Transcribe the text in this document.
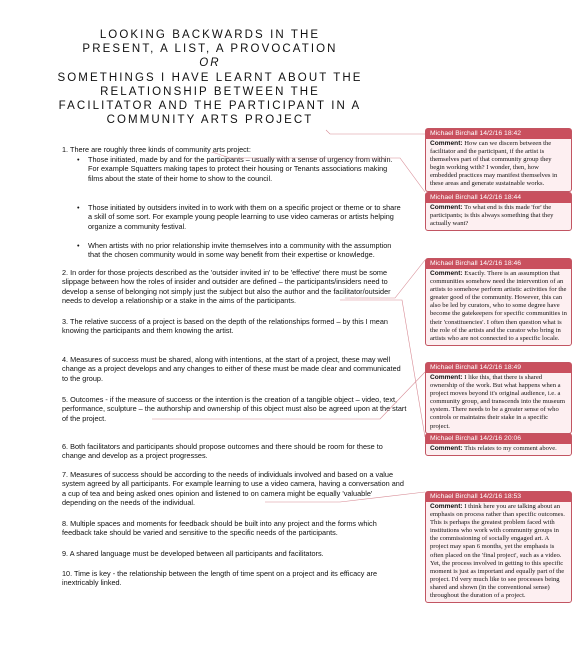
LOOKING BACKWARDS IN THE
PRESENT, A LIST, A PROVOCATION
OR
SOMETHINGS I HAVE LEARNT ABOUT THE
RELATIONSHIP BETWEEN THE
FACILITATOR AND THE PARTICIPANT IN A
COMMUNITY ARTS PROJECT

1. There are roughly three kinds of community arts project:

• Those initiated, made by and for the participants – usually with a sense of urgency from within. For example Squatters making tapes to protect their housing or Tenants associations making films about the state of their home to show to the council.
• Those initiated by outsiders invited in to work with them on a specific project or theme or to share a skill of some sort. For example young people learning to use video cameras or artists helping organize a community festival.
• When artists with no prior relationship invite themselves into a community with the assumption that the chosen community would in some way benefit from their expertise or knowledge.

2. In order for those projects described as the 'outsider invited in' to be 'effective' there must be some slippage between how the roles of insider and outsider are defined – the participants/insiders need to develop a sense of belonging not simply just the subject but also the author and the facilitator/outsider needs to develop a relationship or a stake in the aims of the participants.

3. The relative success of a project is based on the depth of the relationships formed – by this I mean knowing the participants and them knowing the artist.

4. Measures of success must be shared, along with intentions, at the start of a project, these may well change as a project develops and any changes to either of these must be made clear and communicated to the group.

5. Outcomes - if the measure of success or the intention is the creation of a tangible object – video, text, performance, sculpture – the authorship and ownership of this object must also be agreed upon at the start of the project.

6. Both facilitators and participants should propose outcomes and there should be room for these to change and develop as a project progresses.

7. Measures of success should be according to the needs of individuals involved and based on a value system agreed by all participants. For example learning to use a video camera, having a conversation and a cup of tea and being asked ones opinion and listened to on camera might be equally 'valuable' depending on the needs of the individual.

8. Multiple spaces and moments for feedback should be built into any project and the forms which feedback take should be varied and sensitive to the specific needs of the participants.

9. A shared language must be developed between all participants and facilitators.

10. Time is key - the relationship between the length of time spent on a project and its efficacy are inextricably linked.

Michael Birchall 14/2/16 18:42
Comment: How can we discern between the facilitator and the participant, if the artist is themselves part of that community group they begin working with? I wonder, then, how embedded practices may manifest themselves in these areas and generate sustainable works.
Michael Birchall 14/2/16 18:44
Comment: To what end is this made 'for' the participants; is this always something that they actually want?
Michael Birchall 14/2/16 18:46
Comment: Exactly. There is an assumption that communities somehow need the intervention of an artists to somehow perform artistic activities for the greater good of the community. However, this can also be led by curators, who to some degree have become the gatekeepers for specific communities in their 'constituencies'. I often then question what is the role of the artists and the curator who bring in artists who are not connected to a specific locale.
Michael Birchall 14/2/16 18:49
Comment: I like this, that there is shared ownership of the work. But what happens when a project moves beyond it's original audience, i.e. a community group, and transcends into the museum system. There needs to be a greater sense of who controls or maintains their stake in a specific project.
Michael Birchall 14/2/16 20:06
Comment: This relates to my comment above.
Michael Birchall 14/2/16 18:53
Comment: I think here you are talking about an emphasis on process rather than specific outcomes. This is perhaps the greatest problem faced with institutions who work with community groups in the commissioning of socially engaged art. A project may span 6 months, yet the emphasis is often placed on the 'final project', such as a video. Yet, the process involved in getting to this specific moment is just as important and equally part of the project. I'd very much like to see processes being shared and shown (in the conventional sense) throughout the duration of a project.
